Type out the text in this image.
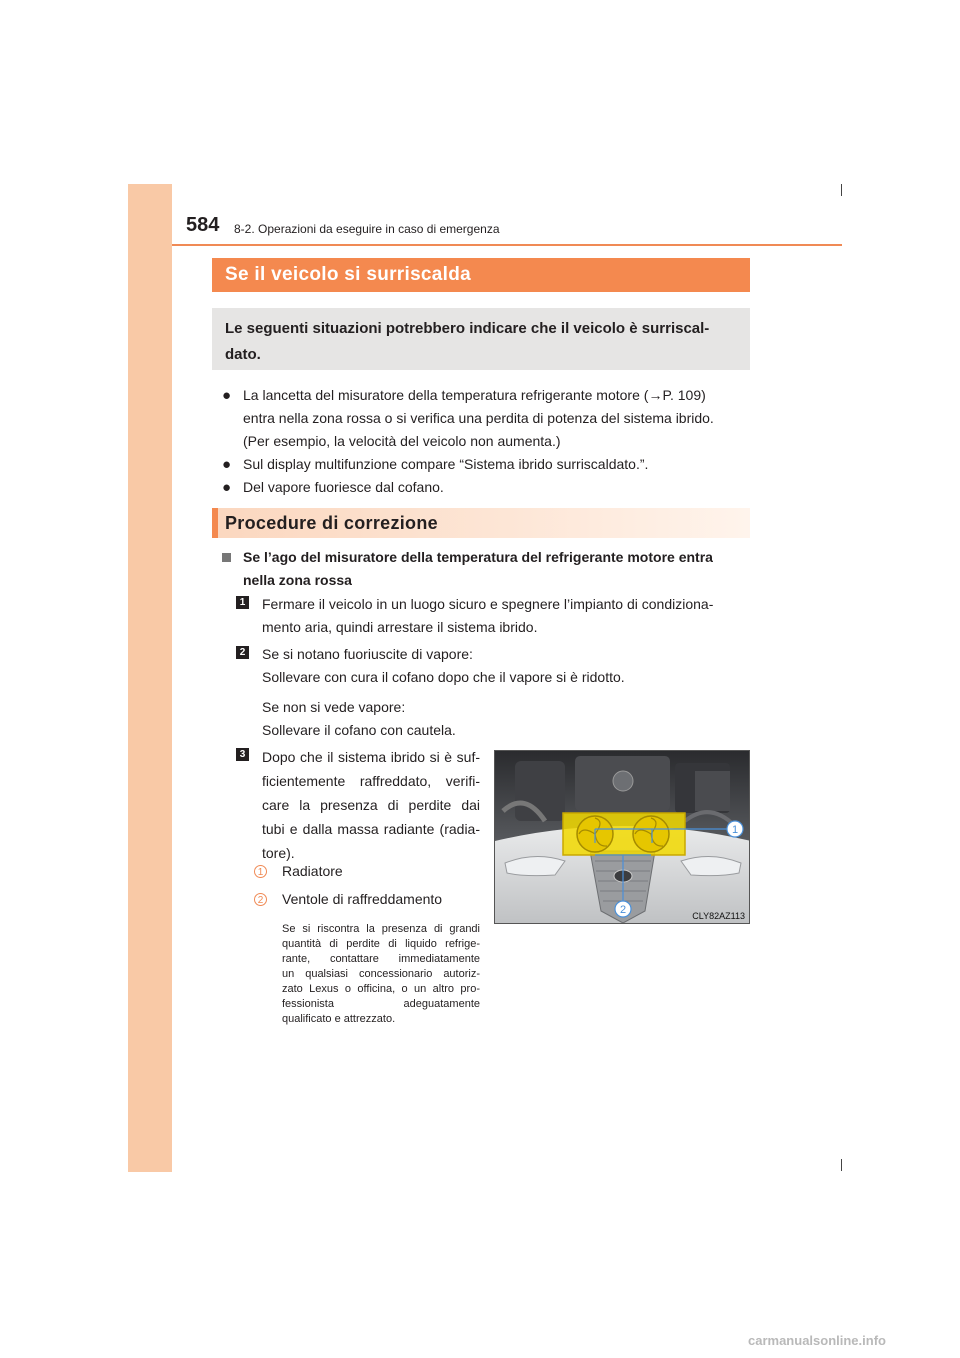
584 8-2. Operazioni da eseguire in caso di emergenza
Se il veicolo si surriscalda
Le seguenti situazioni potrebbero indicare che il veicolo è surriscal-
dato.
● La lancetta del misuratore della temperatura refrigerante motore (→P. 109)
entra nella zona rossa o si verifica una perdita di potenza del sistema ibrido.
(Per esempio, la velocità del veicolo non aumenta.)
● Sul display multifunzione compare “Sistema ibrido surriscaldato.”.
● Del vapore fuoriesce dal cofano.
Procedure di correzione
Se l’ago del misuratore della temperatura del refrigerante motore entra
nella zona rossa
1 Fermare il veicolo in un luogo sicuro e spegnere l’impianto di condiziona-
mento aria, quindi arrestare il sistema ibrido.
2 Se si notano fuoriuscite di vapore:
Sollevare con cura il cofano dopo che il vapore si è ridotto.
Se non si vede vapore:
Sollevare il cofano con cautela.
3 Dopo che il sistema ibrido si è suf-
ficientemente raffreddato, verifi-
care la presenza di perdite dai
tubi e dalla massa radiante (radia-
tore).
1 Radiatore
2 Ventole di raffreddamento
Se si riscontra la presenza di grandi
quantità di perdite di liquido refrige-
rante, contattare immediatamente
un qualsiasi concessionario autoriz-
zato Lexus o officina, o un altro pro-
fessionista adeguatamente
qualificato e attrezzato.
1
2	CLY82AZ113
carmanualsonline.info
